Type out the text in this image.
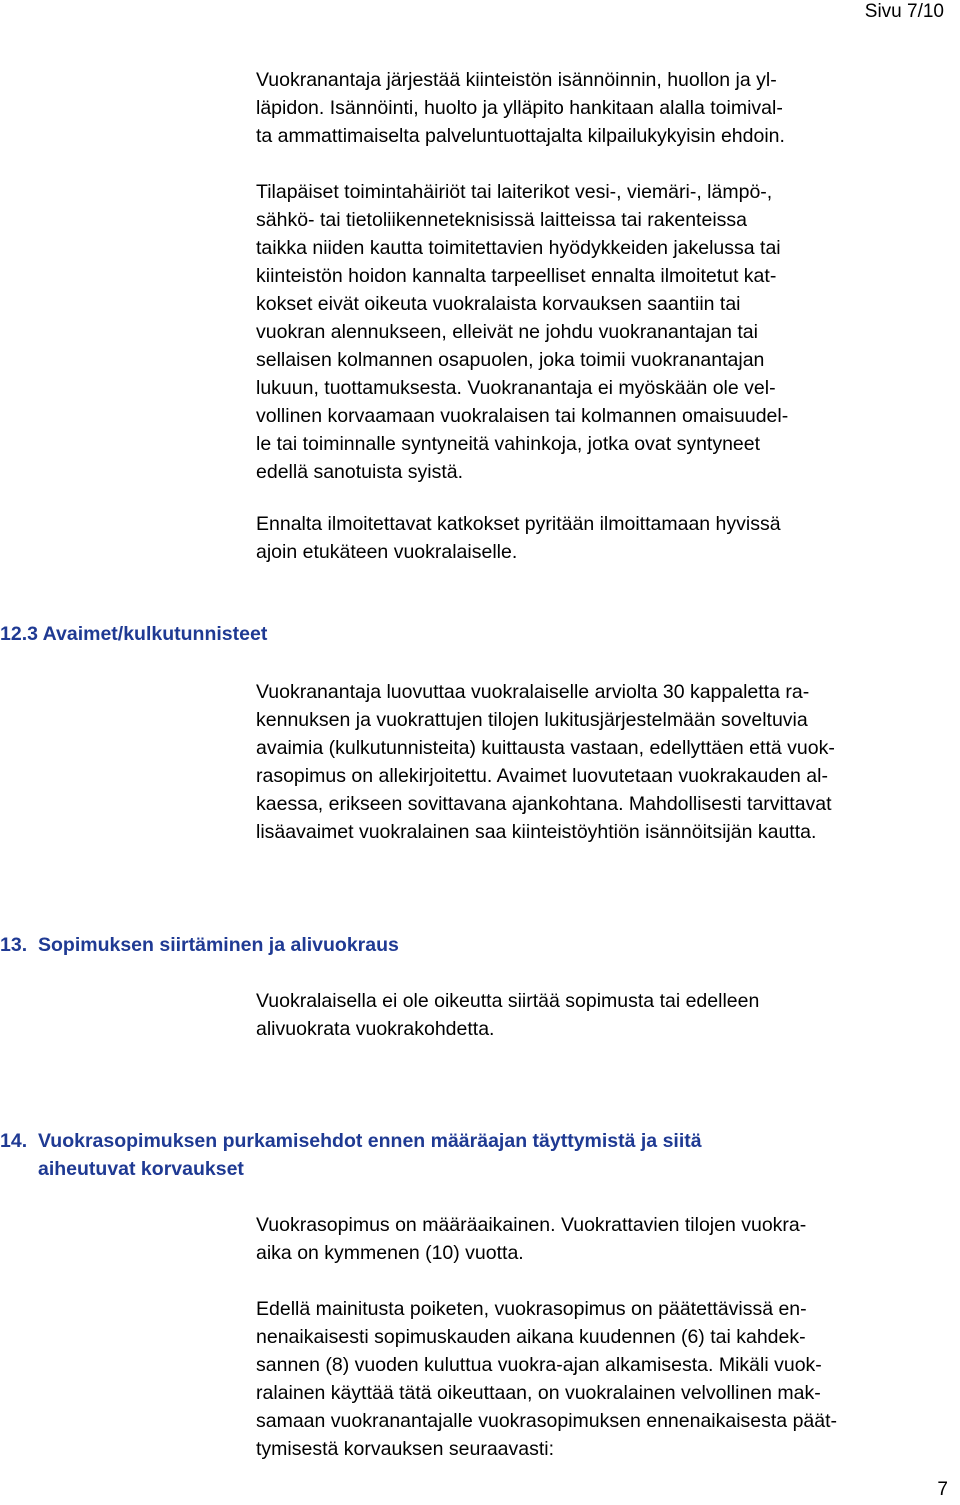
Sivu 7/10
Vuokranantaja järjestää kiinteistön isännöinnin, huollon ja yl-
läpidon. Isännöinti, huolto ja ylläpito hankitaan alalla toimival-
ta ammattimaiselta palveluntuottajalta kilpailukykyisin ehdoin.
Tilapäiset toimintahäiriöt tai laiterikot vesi-, viemäri-, lämpö-,
sähkö- tai tietoliikenneteknisissä laitteissa tai rakenteissa
taikka niiden kautta toimitettavien hyödykkeiden jakelussa tai
kiinteistön hoidon kannalta tarpeelliset ennalta ilmoitetut kat-
kokset eivät oikeuta vuokralaista korvauksen saantiin tai
vuokran alennukseen, elleivät ne johdu vuokranantajan tai
sellaisen kolmannen osapuolen, joka toimii vuokranantajan
lukuun, tuottamuksesta. Vuokranantaja ei myöskään ole vel-
vollinen korvaamaan vuokralaisen tai kolmannen omaisuudel-
le tai toiminnalle syntyneitä vahinkoja, jotka ovat syntyneet
edellä sanotuista syistä.
Ennalta ilmoitettavat katkokset pyritään ilmoittamaan hyvissä
ajoin etukäteen vuokralaiselle.
12.3 Avaimet/kulkutunnisteet
Vuokranantaja luovuttaa vuokralaiselle arviolta 30 kappaletta ra-
kennuksen ja vuokrattujen tilojen lukitusjärjestelmään soveltuvia
avaimia (kulkutunnisteita) kuittausta vastaan, edellyttäen että vuok-
rasopimus on allekirjoitettu. Avaimet luovutetaan vuokrakauden al-
kaessa, erikseen sovittavana ajankohtana. Mahdollisesti tarvittavat
lisäavaimet vuokralainen saa kiinteistöyhtiön isännöitsijän kautta.
13. Sopimuksen siirtäminen ja alivuokraus
Vuokralaisella ei ole oikeutta siirtää sopimusta tai edelleen
alivuokrata vuokrakohdetta.
14. Vuokrasopimuksen purkamisehdot ennen määräajan täyttymistä ja siitä
aiheutuvat korvaukset
Vuokrasopimus on määräaikainen. Vuokrattavien tilojen vuokra-
aika on kymmenen (10) vuotta.
Edellä mainitusta poiketen, vuokrasopimus on päätettävissä en-
nenaikaisesti sopimuskauden aikana kuudennen (6) tai kahdek-
sannen (8) vuoden kuluttua vuokra-ajan alkamisesta. Mikäli vuok-
ralainen käyttää tätä oikeuttaan, on vuokralainen velvollinen mak-
samaan vuokranantajalle vuokrasopimuksen ennenaikaisesta päät-
tymisestä korvauksen seuraavasti:
7
